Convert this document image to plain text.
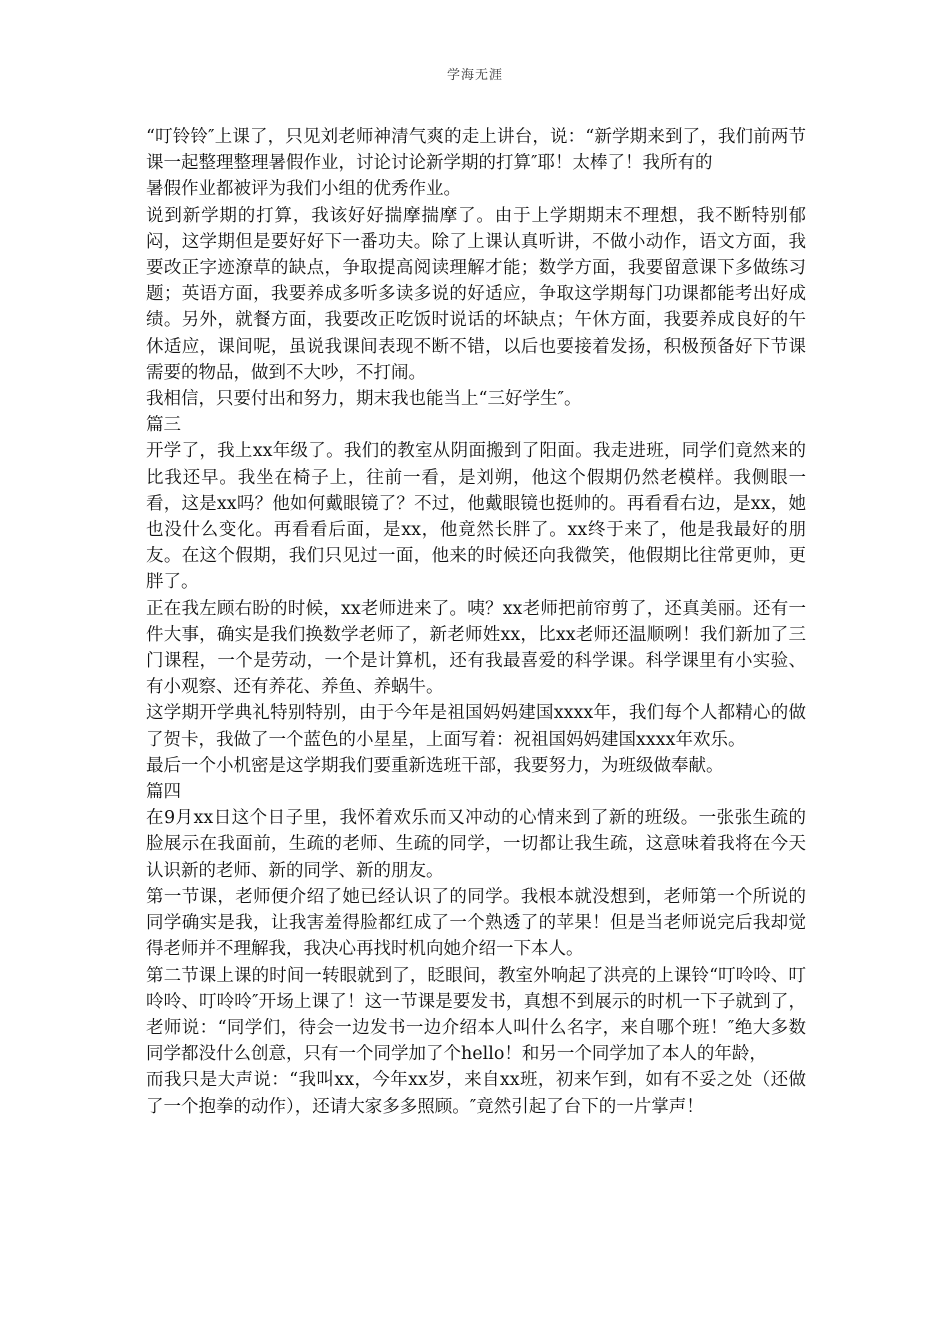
学海无涯

“叮铃铃″上课了，只见刘老师神清气爽的走上讲台，说：“新学期来到了，我们前两节课一起整理整理暑假作业，讨论讨论新学期的打算″耶！太棒了！我所有的

暑假作业都被评为我们小组的优秀作业。

说到新学期的打算，我该好好揣摩揣摩了。由于上学期期末不理想，我不断特别郁闷，这学期但是要好好下一番功夫。除了上课认真听讲，不做小动作，语文方面，我要改正字迹潦草的缺点，争取提高阅读理解才能；数学方面，我要留意课下多做练习题；英语方面，我要养成多听多读多说的好适应，争取这学期每门功课都能考出好成绩。另外，就餐方面，我要改正吃饭时说话的坏缺点；午休方面，我要养成良好的午休适应，课间呢，虽说我课间表现不断不错，以后也要接着发扬，积极预备好下节课需要的物品，做到不大吵，不打闹。

我相信，只要付出和努力，期末我也能当上“三好学生″。

篇三

开学了，我上xx年级了。我们的教室从阴面搬到了阳面。我走进班，同学们竟然来的比我还早。我坐在椅子上，往前一看，是刘朔，他这个假期仍然老模样。我侧眼一看，这是xx吗？他如何戴眼镜了？不过，他戴眼镜也挺帅的。再看看右边，是xx，她也没什么变化。再看看后面，是xx，他竟然长胖了。xx终于来了，他是我最好的朋友。在这个假期，我们只见过一面，他来的时候还向我微笑，他假期比往常更帅，更胖了。

正在我左顾右盼的时候，xx老师进来了。咦？xx老师把前帘剪了，还真美丽。还有一件大事，确实是我们换数学老师了，新老师姓xx，比xx老师还温顺咧！我们新加了三门课程，一个是劳动，一个是计算机，还有我最喜爱的科学课。科学课里有小实验、有小观察、还有养花、养鱼、养蜗牛。

这学期开学典礼特别特别，由于今年是祖国妈妈建国xxxx年，我们每个人都精心的做了贺卡，我做了一个蓝色的小星星，上面写着：祝祖国妈妈建国xxxx年欢乐。

最后一个小机密是这学期我们要重新选班干部，我要努力，为班级做奉献。

篇四

在9月xx日这个日子里，我怀着欢乐而又冲动的心情来到了新的班级。一张张生疏的脸展示在我面前，生疏的老师、生疏的同学，一切都让我生疏，这意味着我将在今天认识新的老师、新的同学、新的朋友。

第一节课，老师便介绍了她已经认识了的同学。我根本就没想到，老师第一个所说的同学确实是我，让我害羞得脸都红成了一个熟透了的苹果！但是当老师说完后我却觉得老师并不理解我，我决心再找时机向她介绍一下本人。

第二节课上课的时间一转眼就到了，眨眼间，教室外响起了洪亮的上课铃“叮呤呤、叮呤呤、叮呤呤″开场上课了！这一节课是要发书，真想不到展示的时机一下子就到了，老师说：“同学们，待会一边发书一边介绍本人叫什么名字，来自哪个班！″绝大多数同学都没什么创意，只有一个同学加了个hello！和另一个同学加了本人的年龄，

而我只是大声说：“我叫xx，今年xx岁，来自xx班，初来乍到，如有不妥之处（还做了一个抱拳的动作），还请大家多多照顾。″竟然引起了台下的一片掌声！
